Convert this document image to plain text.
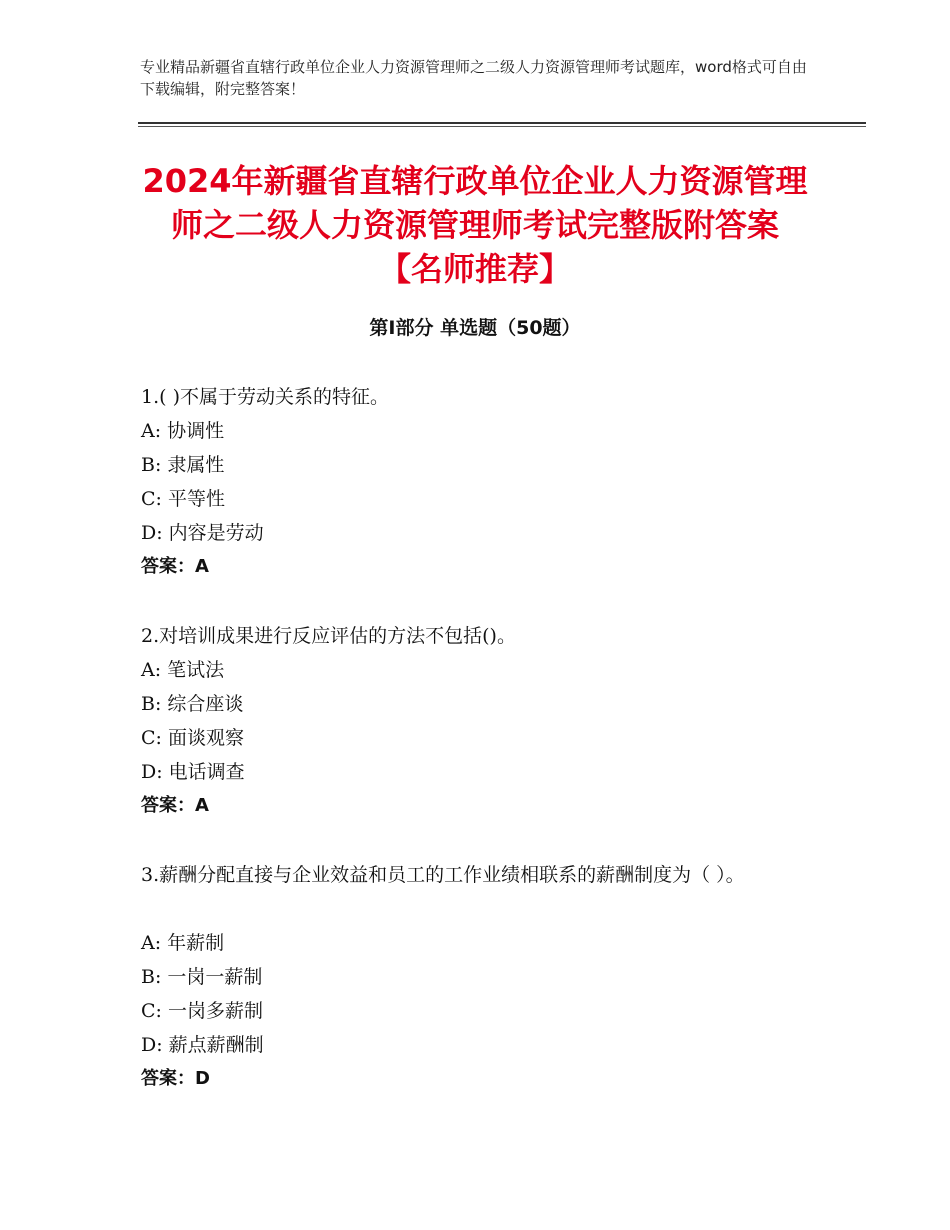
专业精品新疆省直辖行政单位企业人力资源管理师之二级人力资源管理师考试题库，word格式可自由下载编辑，附完整答案！
2024年新疆省直辖行政单位企业人力资源管理师之二级人力资源管理师考试完整版附答案【名师推荐】
第Ⅰ部分 单选题（50题）
1.( )不属于劳动关系的特征。
A: 协调性
B: 隶属性
C: 平等性
D: 内容是劳动
答案：A
2.对培训成果进行反应评估的方法不包括()。
A: 笔试法
B: 综合座谈
C: 面谈观察
D: 电话调查
答案：A
3.薪酬分配直接与企业效益和员工的工作业绩相联系的薪酬制度为（ ）。
A: 年薪制
B: 一岗一薪制
C: 一岗多薪制
D: 薪点薪酬制
答案：D
